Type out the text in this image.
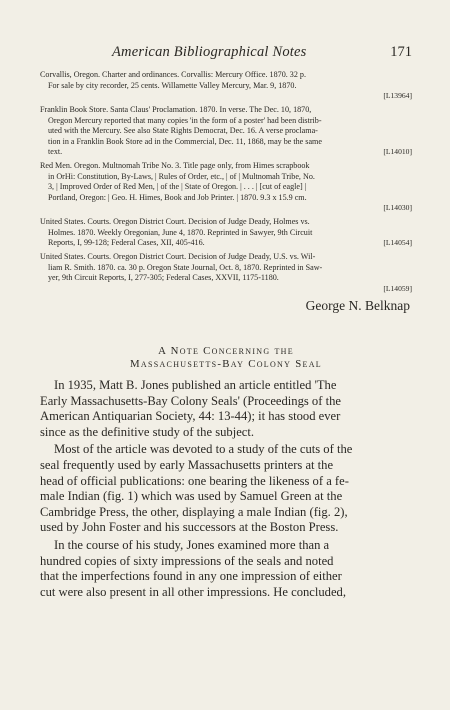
American Bibliographical Notes	171
Corvallis, Oregon. Charter and ordinances. Corvallis: Mercury Office. 1870. 32 p.
For sale by city recorder, 25 cents. Willamette Valley Mercury, Mar. 9, 1870.
[L13964]
Franklin Book Store. Santa Claus' Proclamation. 1870. In verse. The Dec. 10, 1870,
Oregon Mercury reported that many copies 'in the form of a poster' had been distrib-
uted with the Mercury. See also State Rights Democrat, Dec. 16. A verse proclama-
tion in a Franklin Book Store ad in the Commercial, Dec. 11, 1868, may be the same
text.	[L14010]
Red Men. Oregon. Multnomah Tribe No. 3. Title page only, from Himes scrapbook
in OrHi: Constitution, By-Laws, | Rules of Order, etc., | of | Multnomah Tribe, No.
3, | Improved Order of Red Men, | of the | State of Oregon. | . . . | [cut of eagle] |
Portland, Oregon: | Geo. H. Himes, Book and Job Printer. | 1870. 9.3 x 15.9 cm.
[L14030]
United States. Courts. Oregon District Court. Decision of Judge Deady, Holmes vs.
Holmes. 1870. Weekly Oregonian, June 4, 1870. Reprinted in Sawyer, 9th Circuit
Reports, I, 99-128; Federal Cases, XII, 405-416.	[L14054]
United States. Courts. Oregon District Court. Decision of Judge Deady, U.S. vs. Wil-
liam R. Smith. 1870. ca. 30 p. Oregon State Journal, Oct. 8, 1870. Reprinted in Saw-
yer, 9th Circuit Reports, I, 277-305; Federal Cases, XXVII, 1175-1180.
[L14059]
George N. Belknap
A Note Concerning the
Massachusetts-Bay Colony Seal

In 1935, Matt B. Jones published an article entitled 'The
Early Massachusetts-Bay Colony Seals' (Proceedings of the
American Antiquarian Society, 44: 13-44); it has stood ever
since as the definitive study of the subject.

Most of the article was devoted to a study of the cuts of the
seal frequently used by early Massachusetts printers at the
head of official publications: one bearing the likeness of a fe-
male Indian (fig. 1) which was used by Samuel Green at the
Cambridge Press, the other, displaying a male Indian (fig. 2),
used by John Foster and his successors at the Boston Press.

In the course of his study, Jones examined more than a
hundred copies of sixty impressions of the seals and noted
that the imperfections found in any one impression of either
cut were also present in all other impressions. He concluded,
